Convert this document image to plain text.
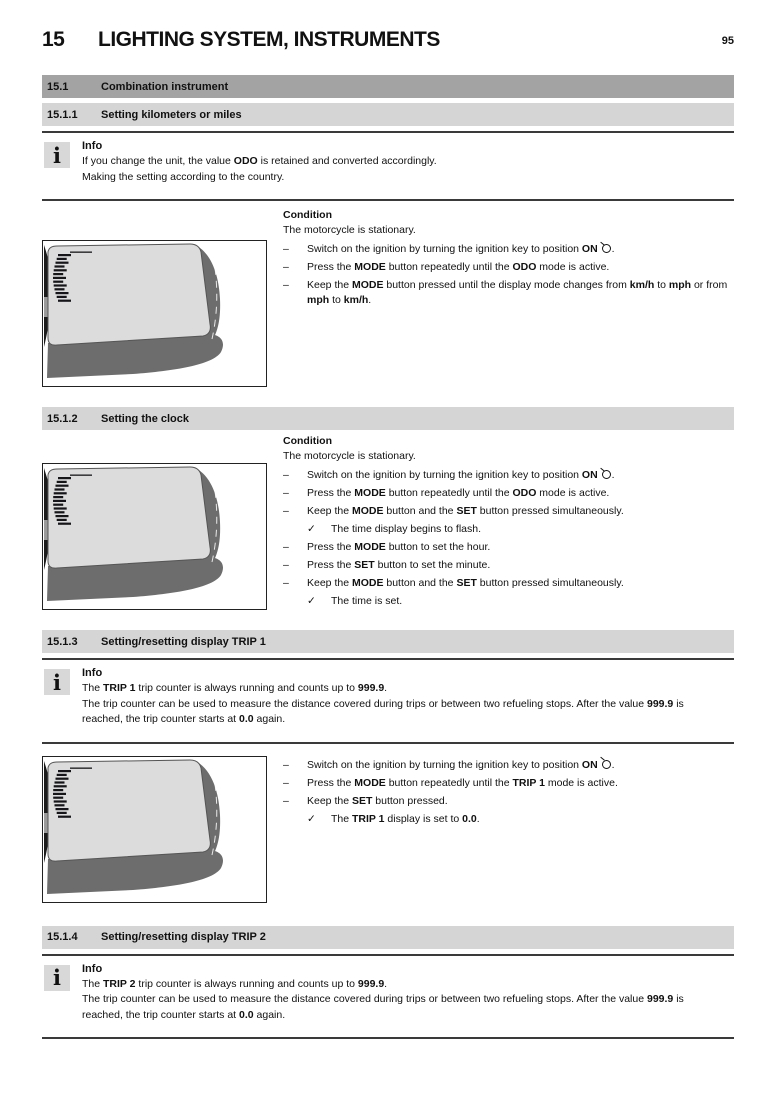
15	LIGHTING SYSTEM, INSTRUMENTS	95
15.1	Combination instrument
15.1.1	Setting kilometers or miles
i	Info
If you change the unit, the value ODO is retained and converted accordingly.
Making the setting according to the country.
Condition
The motorcycle is stationary.
–	Switch on the ignition by turning the ignition key to position ON .
–	Press the MODE button repeatedly until the ODO mode is active.
–	Keep the MODE button pressed until the display mode changes from km/h to mph or from mph to km/h.
15.1.2	Setting the clock
Condition
The motorcycle is stationary.
–	Switch on the ignition by turning the ignition key to position ON .
–	Press the MODE button repeatedly until the ODO mode is active.
–	Keep the MODE button and the SET button pressed simultaneously.
✓	The time display begins to flash.
–	Press the MODE button to set the hour.
–	Press the SET button to set the minute.
–	Keep the MODE button and the SET button pressed simultaneously.
✓	The time is set.
15.1.3	Setting/resetting display TRIP 1
i	Info
The TRIP 1 trip counter is always running and counts up to 999.9.
The trip counter can be used to measure the distance covered during trips or between two refueling stops. After the value 999.9 is reached, the trip counter starts at 0.0 again.
–	Switch on the ignition by turning the ignition key to position ON .
–	Press the MODE button repeatedly until the TRIP 1 mode is active.
–	Keep the SET button pressed.
✓	The TRIP 1 display is set to 0.0.
15.1.4	Setting/resetting display TRIP 2
i	Info
The TRIP 2 trip counter is always running and counts up to 999.9.
The trip counter can be used to measure the distance covered during trips or between two refueling stops. After the value 999.9 is reached, the trip counter starts at 0.0 again.
